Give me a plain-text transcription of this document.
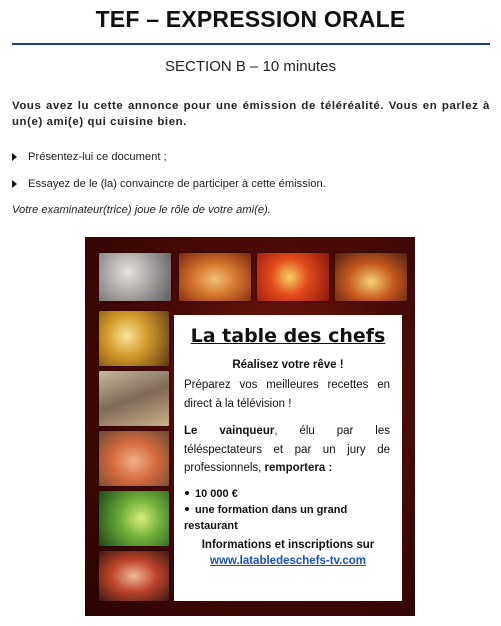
TEF – EXPRESSION ORALE
SECTION B – 10 minutes
Vous avez lu cette annonce pour une émission de téléréalité. Vous en parlez à un(e) ami(e) qui cuisine bien.
Présentez-lui ce document ;
Essayez de le (la) convaincre de participer à cette émission.
Votre examinateur(trice) joue le rôle de votre ami(e).
La table des chefs
Réalisez votre rêve !
Préparez vos meilleures recettes en direct à la télévision !
Le vainqueur, élu par les téléspectateurs et par un jury de professionnels, remportera :
10 000 €
une formation dans un grand restaurant
Informations et inscriptions sur
www.latabledeschefs-tv.com
